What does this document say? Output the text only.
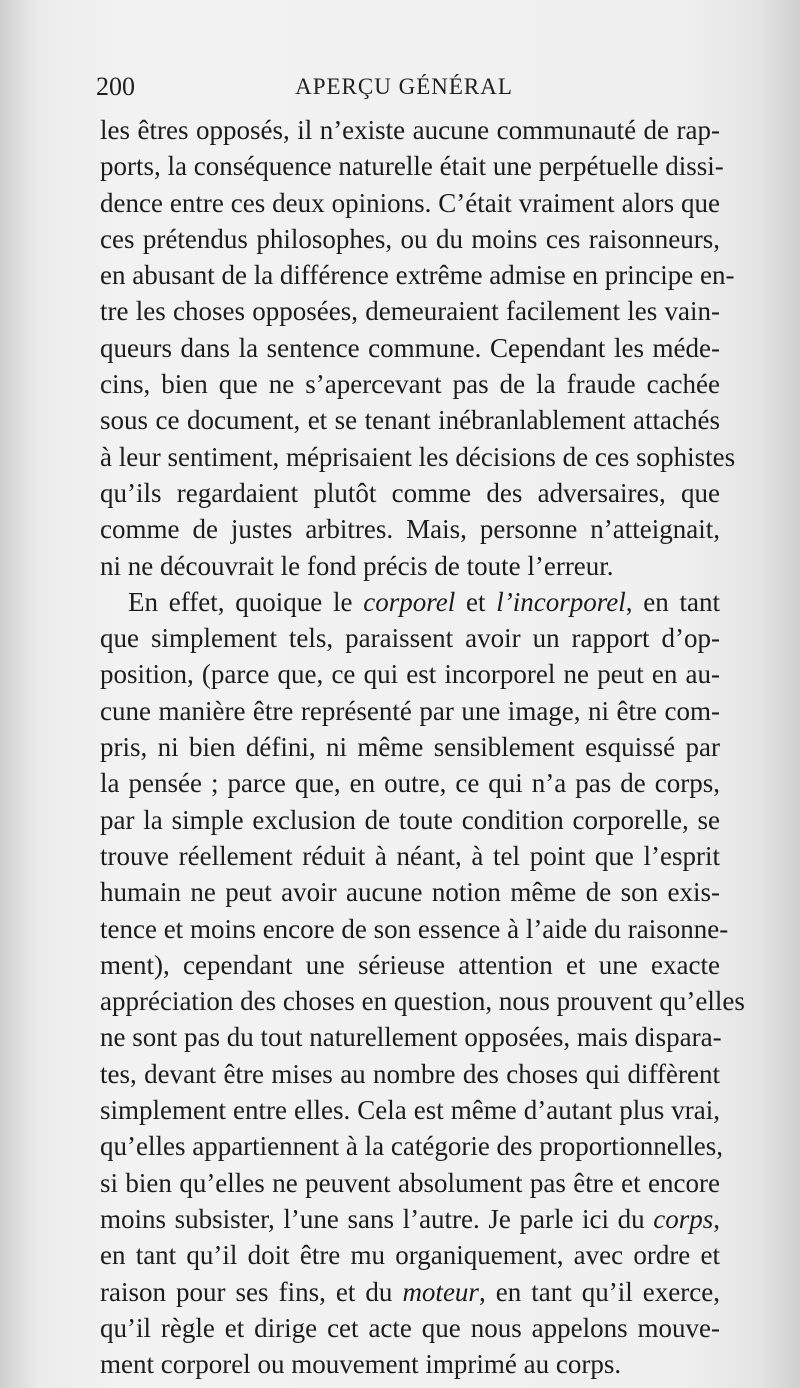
200	APERÇU GÉNÉRAL
les êtres opposés, il n’existe aucune communauté de rap-
ports, la conséquence naturelle était une perpétuelle dissi-
dence entre ces deux opinions. C’était vraiment alors que
ces prétendus philosophes, ou du moins ces raisonneurs,
en abusant de la différence extrême admise en principe en-
tre les choses opposées, demeuraient facilement les vain-
queurs dans la sentence commune. Cependant les méde-
cins, bien que ne s’apercevant pas de la fraude cachée
sous ce document, et se tenant inébranlablement attachés
à leur sentiment, méprisaient les décisions de ces sophistes
qu’ils regardaient plutôt comme des adversaires, que
comme de justes arbitres. Mais, personne n’atteignait,
ni ne découvrait le fond précis de toute l’erreur.
En effet, quoique le corporel et l’incorporel, en tant
que simplement tels, paraissent avoir un rapport d’op-
position, (parce que, ce qui est incorporel ne peut en au-
cune manière être représenté par une image, ni être com-
pris, ni bien défini, ni même sensiblement esquissé par
la pensée ; parce que, en outre, ce qui n’a pas de corps,
par la simple exclusion de toute condition corporelle, se
trouve réellement réduit à néant, à tel point que l’esprit
humain ne peut avoir aucune notion même de son exis-
tence et moins encore de son essence à l’aide du raisonne-
ment), cependant une sérieuse attention et une exacte
appréciation des choses en question, nous prouvent qu’elles
ne sont pas du tout naturellement opposées, mais dispara-
tes, devant être mises au nombre des choses qui diffèrent
simplement entre elles. Cela est même d’autant plus vrai,
qu’elles appartiennent à la catégorie des proportionnelles,
si bien qu’elles ne peuvent absolument pas être et encore
moins subsister, l’une sans l’autre. Je parle ici du corps,
en tant qu’il doit être mu organiquement, avec ordre et
raison pour ses fins, et du moteur, en tant qu’il exerce,
qu’il règle et dirige cet acte que nous appelons mouve-
ment corporel ou mouvement imprimé au corps.
